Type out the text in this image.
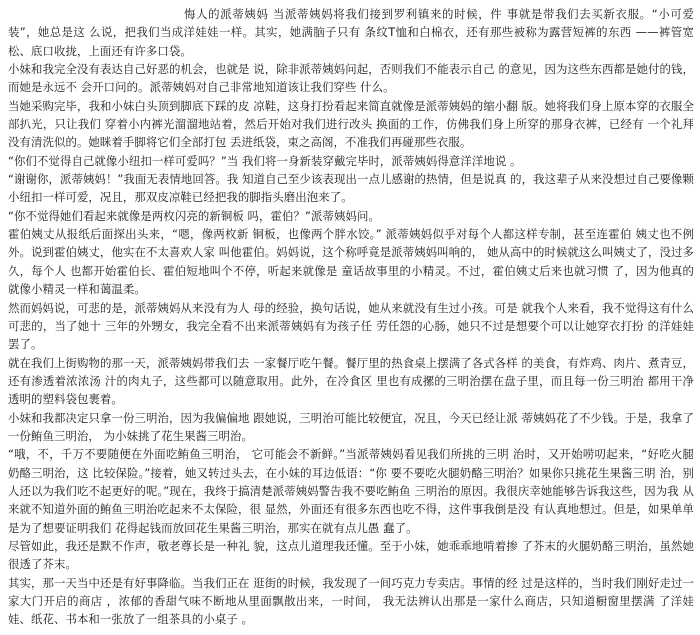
悔人的派蒂姨妈 当派蒂姨妈将我们接到罗利镇来的时候，件 事就是带我们去买新衣服。“小可爱装”，她总是这 么说，把我们当成洋娃娃一样。其实，她满脑子只有 条纹T恤和白棉衣，还有那些被称为露营短裤的东西 ——裤管宽松、底口收拢，上面还有许多口袋。

小妹和我完全没有表达自己好恶的机会，也就是 说，除非派蒂姨妈问起，否则我们不能表示自己 的意见，因为这些东西都是她付的钱，而她是永远不 会开口问的。派蒂姨妈对自己非常地知道该让我们穿些 什么。

当她采购完毕，我和小妹白头顶到脚底下踩的皮 凉鞋，这身打扮看起来简直就像是派蒂姨妈的缩小翻 版。她将我们身上原本穿的衣服全部扒光，只让我们 穿着小内裤光溜溜地站着，然后开始对我们进行改头 换面的工作，仿佛我们身上所穿的那身衣裤，已经有 一个礼拜没有清洗似的。她眯着手脚将它们全部打包 丢进纸袋，束之高阁，不准我们再碰那些衣服。

“你们不觉得自己就像小纽扣一样可爱吗？”当 我们将一身新装穿戴完毕时，派蒂姨妈得意洋洋地说 。

“谢谢你，派蒂姨妈！”我面无表情地回答。我 知道自己至少该表现出一点儿感谢的热情，但是说真 的，我这辈子从来没想过自己要像颗小纽扣一样可爱，况且，那双皮凉鞋已经把我的脚指头磨出泡来了。

“你不觉得她们看起来就像是两枚闪亮的新铜板 吗，霍伯？”派蒂姨妈问。

霍伯姨丈从报纸后面探出头来，“嗯，像两枚新 铜板，也像两个胖水饺。” 派蒂姨妈似乎对每个人都这样专制，甚至连霍伯 姨丈也不例外。说到霍伯姨丈，他实在不太喜欢人家 叫他霍伯。妈妈说，这个称呼竟是派蒂姨妈叫响的， 她从高中的时候就这么叫姨丈了，没过多久，每个人 也都开始霍伯长、霍伯短地叫个不停，听起来就像是 童话故事里的小精灵。不过，霍伯姨丈后来也就习惯 了，因为他真的就像小精灵一样和蔼温柔。

然而妈妈说，可悲的是，派蒂姨妈从来没有为人 母的经验，换句话说，她从来就没有生过小孩。可是 就我个人来看，我不觉得这有什么可悲的，当了她十 三年的外甥女，我完全看不出来派蒂姨妈有为孩子任 劳任怨的心肠，她只不过是想要个可以让她穿衣打扮 的洋娃娃罢了。

就在我们上街购物的那一天，派蒂姨妈带我们去 一家餐厅吃午餐。餐厅里的热食桌上摆满了各式各样 的美食，有炸鸡、肉片、煮青豆，还有渗透着浓浓汤 汁的肉丸子，这些都可以随意取用。此外，在冷食区 里也有成摞的三明治摆在盘子里，而且每一份三明治 都用干净透明的塑料袋包裹着。

小妹和我都决定只拿一份三明治，因为我偏偏地 跟她说，三明治可能比较便宜，况且，今天已经让派 蒂姨妈花了不少钱。于是，我拿了一份鲔鱼三明治， 为小妹挑了花生果酱三明治。

“哦，不，千万不要随便在外面吃鲔鱼三明治， 它可能会不新鲜。”当派蒂姨妈看见我们所挑的三明 治时，又开始唠叨起来，“好吃火腿奶酪三明治，这 比较保险。”接着，她又转过头去，在小妹的耳边低语：“你 要不要吃火腿奶酪三明治？如果你只挑花生果酱三明 治，别人还以为我们吃不起更好的呢。”现在，我终于搞清楚派蒂姨妈警告我不要吃鲔鱼 三明治的原因。我很庆幸她能够告诉我这些，因为我 从来就不知道外面的鲔鱼三明治吃起来不太保险，很 显然，外面还有很多东西也吃不得，这件事我倒是没 有认真地想过。但是，如果单单是为了想要证明我们 花得起钱而放回花生果酱三明治，那实在就有点儿愚 蠢了。

尽管如此，我还是默不作声，敬老尊长是一种礼 貌，这点儿道理我还懂。至于小妹，她乖乖地啃着掺 了芥末的火腿奶酪三明治，虽然她很透了芥末。

其实，那一天当中还是有好事降临。当我们正在 逛街的时候，我发现了一间巧克力专卖店。事情的经 过是这样的，当时我们刚好走过一家大门开启的商店 ，浓郁的香甜气味不断地从里面飘散出来，一时间， 我无法辨认出那是一家什么商店，只知道橱窗里摆满 了洋娃娃、纸花、书本和一张放了一组茶具的小桌子 。
